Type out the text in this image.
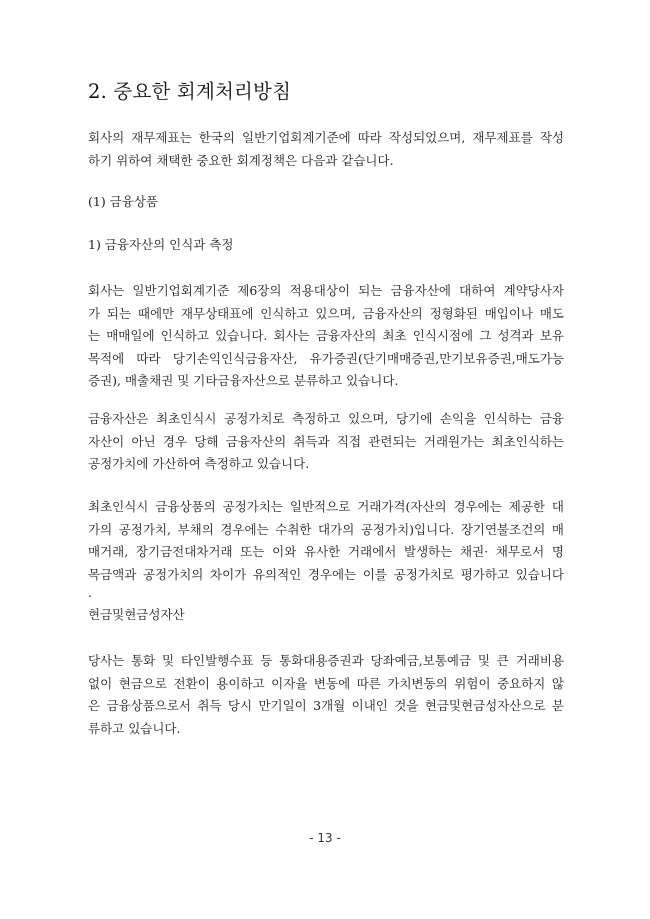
2. 중요한 회계처리방침
회사의 재무제표는 한국의 일반기업회계기준에 따라 작성되었으며, 재무제표를 작성
하기 위하여 채택한 중요한 회계정책은 다음과 같습니다.
(1) 금융상품
1) 금융자산의 인식과 측정
회사는 일반기업회계기준 제6장의 적용대상이 되는 금융자산에 대하여 계약당사자
가 되는 때에만 재무상태표에 인식하고 있으며, 금융자산의 정형화된 매입이나 매도
는 매매일에 인식하고 있습니다. 회사는 금융자산의 최초 인식시점에 그 성격과 보유
목적에 따라 당기손익인식금융자산, 유가증권(단기매매증권,만기보유증권,매도가능
증권), 매출채권 및 기타금융자산으로 분류하고 있습니다.
금융자산은 최초인식시 공정가치로 측정하고 있으며, 당기에 손익을 인식하는 금융
자산이 아닌 경우 당해 금융자산의 취득과 직접 관련되는 거래원가는 최초인식하는
공정가치에 가산하여 측정하고 있습니다.
최초인식시 금융상품의 공정가치는 일반적으로 거래가격(자산의 경우에는 제공한 대
가의 공정가치, 부채의 경우에는 수취한 대가의 공정가치)입니다. 장기연불조건의 매
매거래, 장기금전대차거래 또는 이와 유사한 거래에서 발생하는 채권· 채무로서 명
목금액과 공정가치의 차이가 유의적인 경우에는 이를 공정가치로 평가하고 있습니다
.
현금및현금성자산
당사는 통화 및 타인발행수표 등 통화대용증권과 당좌예금,보통예금 및 큰 거래비용
없이 현금으로 전환이 용이하고 이자율 변동에 따른 가치변동의 위험이 중요하지 않
은 금융상품으로서 취득 당시 만기일이 3개월 이내인 것을 현금및현금성자산으로 분
류하고 있습니다.
- 13 -
